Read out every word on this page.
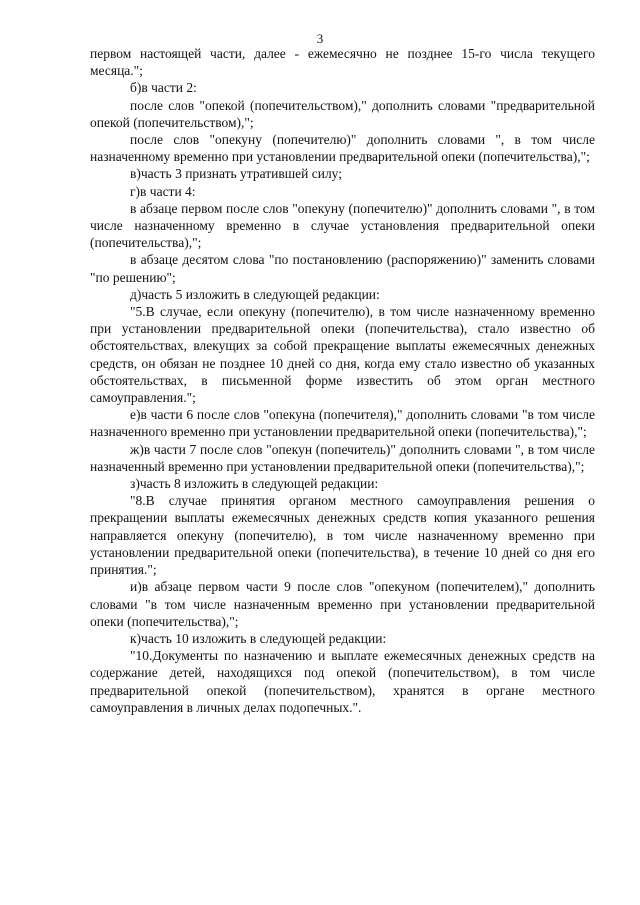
3

первом настоящей части, далее - ежемесячно не позднее 15-го числа текущего месяца.";

б)в части 2:

после слов "опекой (попечительством)," дополнить словами "предварительной опекой (попечительством),";

после слов "опекуну (попечителю)" дополнить словами ", в том числе назначенному временно при установлении предварительной опеки (попечительства),";

в)часть 3 признать утратившей силу;

г)в части 4:

в абзаце первом после слов "опекуну (попечителю)" дополнить словами ", в том числе назначенному временно в случае установления предварительной опеки (попечительства),";

в абзаце десятом слова "по постановлению (распоряжению)" заменить словами "по решению";

д)часть 5 изложить в следующей редакции:

"5.В случае, если опекуну (попечителю), в том числе назначенному временно при установлении предварительной опеки (попечительства), стало известно об обстоятельствах, влекущих за собой прекращение выплаты ежемесячных денежных средств, он обязан не позднее 10 дней со дня, когда ему стало известно об указанных обстоятельствах, в письменной форме известить об этом орган местного самоуправления.";

е)в части 6 после слов "опекуна (попечителя)," дополнить словами "в том числе назначенного временно при установлении предварительной опеки (попечительства),";

ж)в части 7 после слов "опекун (попечитель)" дополнить словами ", в том числе назначенный временно при установлении предварительной опеки (попечительства),";

з)часть 8 изложить в следующей редакции:

"8.В случае принятия органом местного самоуправления решения о прекращении выплаты ежемесячных денежных средств копия указанного решения направляется опекуну (попечителю), в том числе назначенному временно при установлении предварительной опеки (попечительства), в течение 10 дней со дня его принятия.";

и)в абзаце первом части 9 после слов "опекуном (попечителем)," дополнить словами "в том числе назначенным временно при установлении предварительной опеки (попечительства),";

к)часть 10 изложить в следующей редакции:

"10.Документы по назначению и выплате ежемесячных денежных средств на содержание детей, находящихся под опекой (попечительством), в том числе предварительной опекой (попечительством), хранятся в органе местного самоуправления в личных делах подопечных.".
